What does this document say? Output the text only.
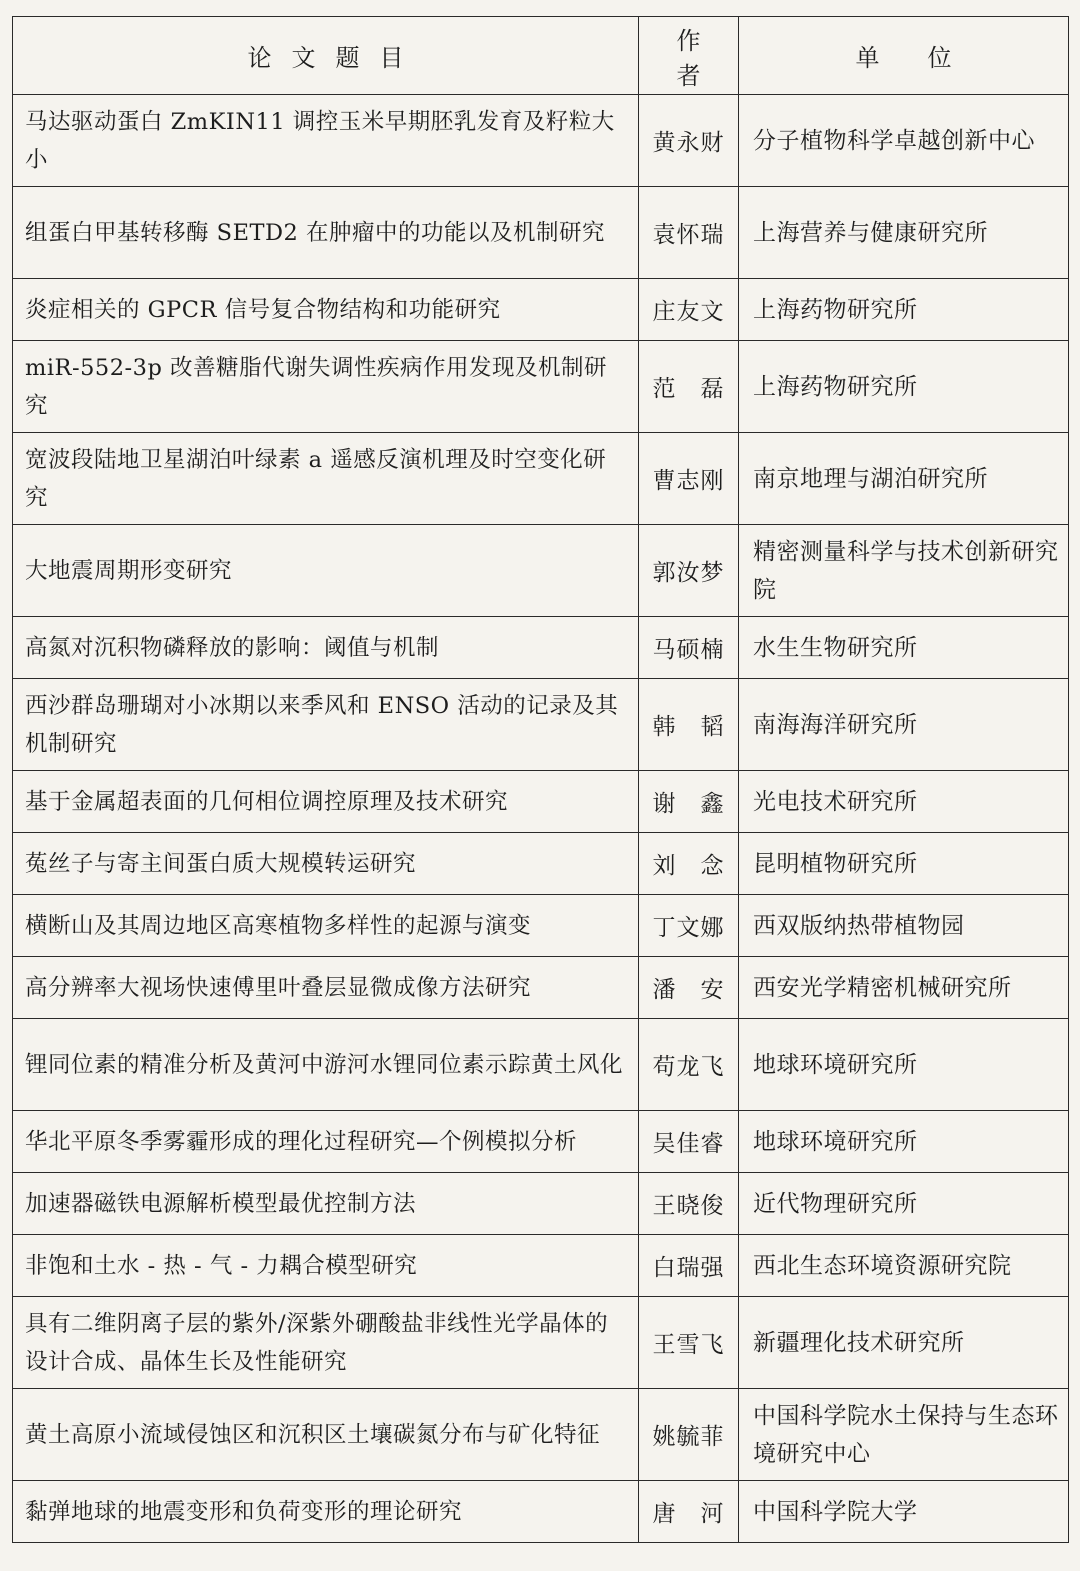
论文题目	作者	单位

马达驱动蛋白 ZmKIN11 调控玉米早期胚乳发育及籽粒大小	黄永财	分子植物科学卓越创新中心
组蛋白甲基转移酶 SETD2 在肿瘤中的功能以及机制研究	袁怀瑞	上海营养与健康研究所
炎症相关的 GPCR 信号复合物结构和功能研究	庄友文	上海药物研究所
miR-552-3p 改善糖脂代谢失调性疾病作用发现及机制研究	范　磊	上海药物研究所
宽波段陆地卫星湖泊叶绿素 a 遥感反演机理及时空变化研究	曹志刚	南京地理与湖泊研究所
大地震周期形变研究	郭汝梦	精密测量科学与技术创新研究院
高氮对沉积物磷释放的影响：阈值与机制	马硕楠	水生生物研究所
西沙群岛珊瑚对小冰期以来季风和 ENSO 活动的记录及其机制研究	韩　韬	南海海洋研究所
基于金属超表面的几何相位调控原理及技术研究	谢　鑫	光电技术研究所
菟丝子与寄主间蛋白质大规模转运研究	刘　念	昆明植物研究所
横断山及其周边地区高寒植物多样性的起源与演变	丁文娜	西双版纳热带植物园
高分辨率大视场快速傅里叶叠层显微成像方法研究	潘　安	西安光学精密机械研究所
锂同位素的精准分析及黄河中游河水锂同位素示踪黄土风化	苟龙飞	地球环境研究所
华北平原冬季雾霾形成的理化过程研究—个例模拟分析	吴佳睿	地球环境研究所
加速器磁铁电源解析模型最优控制方法	王晓俊	近代物理研究所
非饱和土水 - 热 - 气 - 力耦合模型研究	白瑞强	西北生态环境资源研究院
具有二维阴离子层的紫外/深紫外硼酸盐非线性光学晶体的设计合成、晶体生长及性能研究	王雪飞	新疆理化技术研究所
黄土高原小流域侵蚀区和沉积区土壤碳氮分布与矿化特征	姚毓菲	中国科学院水土保持与生态环境研究中心
黏弹地球的地震变形和负荷变形的理论研究	唐　河	中国科学院大学
